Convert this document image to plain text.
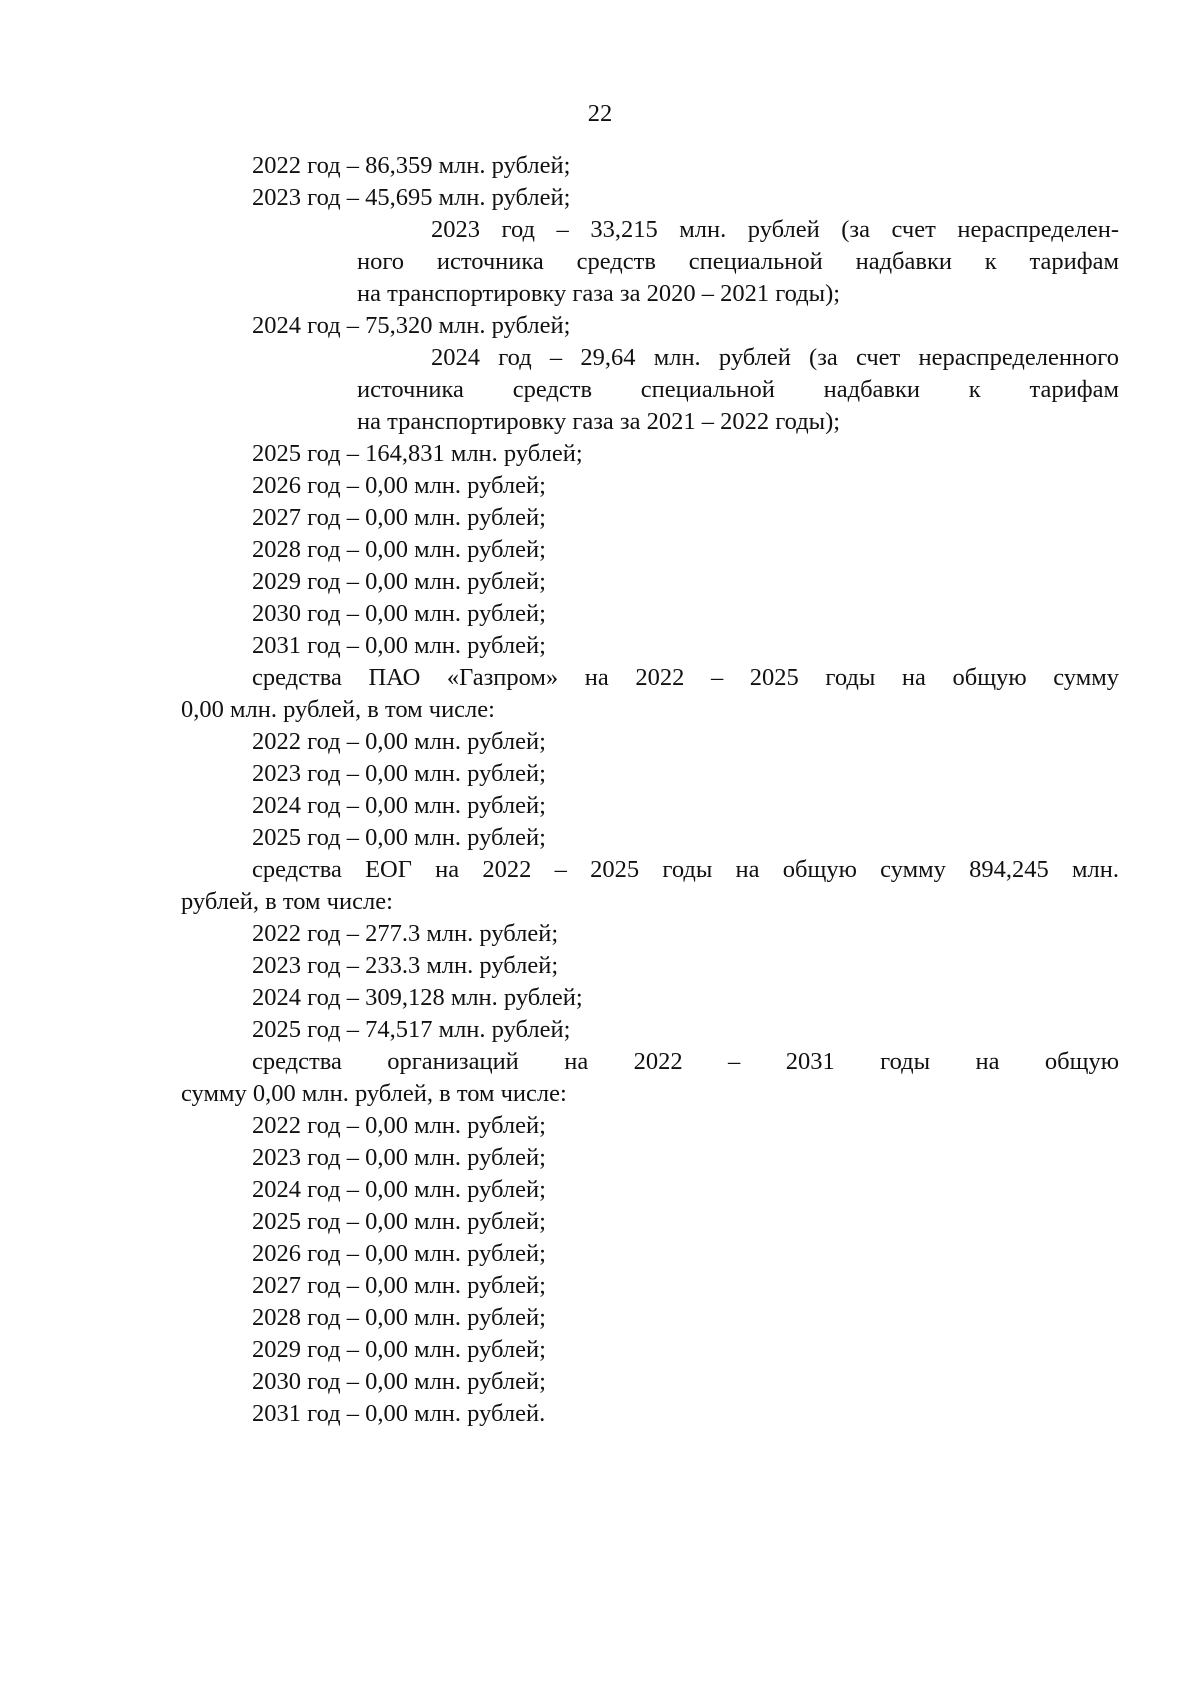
22
2022 год – 86,359 млн. рублей;
2023 год – 45,695 млн. рублей;
2023 год – 33,215 млн. рублей (за счет нераспределен-
ного источника средств специальной надбавки к тарифам
на транспортировку газа за 2020 – 2021 годы);
2024 год – 75,320 млн. рублей;
2024 год – 29,64 млн. рублей (за счет нераспределенного
источника средств специальной надбавки к тарифам
на транспортировку газа за 2021 – 2022 годы);
2025 год – 164,831 млн. рублей;
2026 год – 0,00 млн. рублей;
2027 год – 0,00 млн. рублей;
2028 год – 0,00 млн. рублей;
2029 год – 0,00 млн. рублей;
2030 год – 0,00 млн. рублей;
2031 год – 0,00 млн. рублей;
средства ПАО «Газпром» на 2022 – 2025 годы на общую сумму
0,00 млн. рублей, в том числе:
2022 год – 0,00 млн. рублей;
2023 год – 0,00 млн. рублей;
2024 год – 0,00 млн. рублей;
2025 год – 0,00 млн. рублей;
средства ЕОГ на 2022 – 2025 годы на общую сумму 894,245 млн.
рублей, в том числе:
2022 год – 277.3 млн. рублей;
2023 год – 233.3 млн. рублей;
2024 год – 309,128 млн. рублей;
2025 год – 74,517 млн. рублей;
средства организаций на 2022 – 2031 годы на общую
сумму 0,00 млн. рублей, в том числе:
2022 год – 0,00 млн. рублей;
2023 год – 0,00 млн. рублей;
2024 год – 0,00 млн. рублей;
2025 год – 0,00 млн. рублей;
2026 год – 0,00 млн. рублей;
2027 год – 0,00 млн. рублей;
2028 год – 0,00 млн. рублей;
2029 год – 0,00 млн. рублей;
2030 год – 0,00 млн. рублей;
2031 год – 0,00 млн. рублей.
